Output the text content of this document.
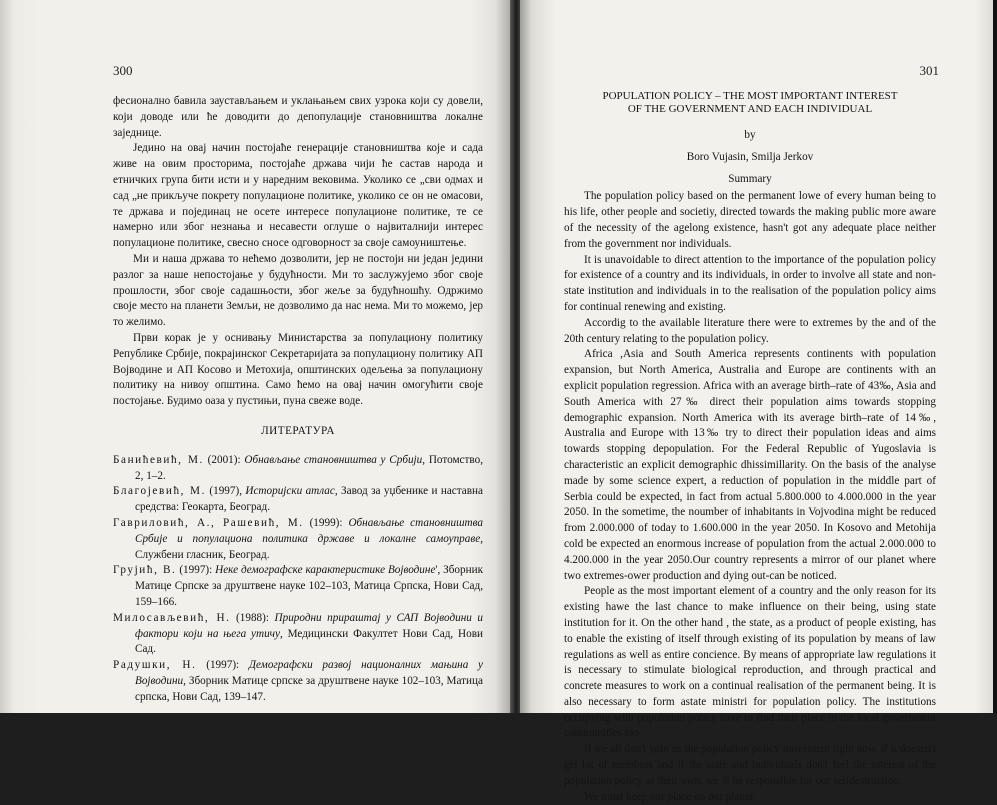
300

фесионално бавила заустављањем и уклањањем свих узрока који су довели, који доводе или ће доводити до депопулације становништва локалне заједнице.

Једино на овај начин постојаће генерације становништва које и сада живе на овим просторима, постојаће држава чији ће састав народа и етничких група бити исти и у наредним вековима. Уколико се „сви одмах и сад „не прикључе покрету популационе политике, уколико се он не омасови, те држава и појединац не осете интересе популационе политике, те се намерно или због незнања и несавести оглуше о највиталнији интерес популационе политике, свесно сносе одговорност за своје самоуништење.

Ми и наша држава то нећемо дозволити, јер не постоји ни један једини разлог за наше непостојање у будућности. Ми то заслужујемо због своје прошлости, због своје садашњости, због жеље за будућношћу. Одржимо своје место на планети Земљи, не дозволимо да нас нема. Ми то можемо, јер то желимо.

Први корак је у оснивању Министарства за популациону политику Републике Србије, покрајинског Секретаријата за популациону политику АП Војводине и АП Косово и Метохија, општинских одељења за популациону политику на нивоу општина. Само ћемо на овај начин омогућити своје постојање. Будимо оаза у пустињи, пуна свеже воде.

ЛИТЕРАТУРА

Банићевић, М. (2001): Обнављање становништва у Србији, Потомство, 2, 1–2.

Благојевић, М. (1997), Историјски атлас, Завод за уџбенике и наставна средства: Геокарта, Београд.

Гавриловић, А., Рашевић, М. (1999): Обнављање становништва Србије и популациона политика државе и локалне самоуправе, Службени гласник, Београд.

Грујић, В. (1997): Неке демографске карактеристике Војводине', Зборник Матице Српске за друштвене науке 102–103, Матица Српска, Нови Сад, 159–166.

Милосављевић, Н. (1988): Природни прираштај у САП Војводини и фактори који на њега утичу, Медицински Факултет Нови Сад, Нови Сад.

Радушки, Н. (1997): Демографски развој националних мањина у Војводини, Зборник Матице српске за друштвене науке 102–103, Матица српска, Нови Сад, 139–147.

301

POPULATION POLICY – THE MOST IMPORTANT INTEREST

OF THE GOVERNMENT AND EACH INDIVIDUAL

by

Boro Vujasin, Smilja Jerkov

Summary

The population policy based on the permanent lowe of every human being to his life, other people and societiy, directed towards the making public more aware of the necessity of the agelong existence, hasn't got any adequate place neither from the government nor individuals.

It is unavoidable to direct attention to the importance of the population policy for existence of a country and its individuals, in order to involve all state and non-state institution and individuals in to the realisation of the population policy aims for continual renewing and existing.

Accordig to the available literature there were to extremes by the and of the 20th century relating to the population policy.

Africa ,Asia and South America represents continents with population expansion, but North America, Australia and Europe are continents with an explicit population regression. Africa with an average birth–rate of 43‰, Asia and South America with 27‰ direct their population aims towards stopping demographic expansion. North America with its average birth–rate of 14‰, Australia and Europe with 13‰ try to direct their population ideas and aims towards stopping depopulation. For the Federal Republic of Yugoslavia is characteristic an explicit demographic dhissimillarity. On the basis of the analyse made by some science expert, a reduction of population in the middle part of Serbia could be expected, in fact from actual 5.800.000 to 4.000.000 in the year 2050. In the sometime, the noumber of inhabitants in Vojvodina might be reduced from 2.000.000 of today to 1.600.000 in the year 2050. In Kosovo and Metohija cold be expected an enormous increase of population from the actual 2.000.000 to 4.200.000 in the year 2050.Our country represents a mirror of our planet where two extremes-ower production and dying out-can be noticed.

People as the most important element of a country and the only reason for its existing hawe the last chance to make influence on their being, using state institution for it. On the other hand , the state, as a product of people existing, has to enable the existing of itself through existing of its population by means of law regulations as well as entire concience. By means of appropriate law regulations it is necessary to stimulate biological reproduction, and through practical and concrete measures to work on a continual realisation of the permanent being. It is also necessary to form astate ministri for population policy. The institutions occupying with population policy have to find their place in the local government communities too.

If we all don't yoin us the population policy movement right now, if it doesen't get lot of members and if the state and individuals don't feel the interest of the population policy as their own, we 'll be responsible for our selfdestruction.

We must keep our place on our planet.
